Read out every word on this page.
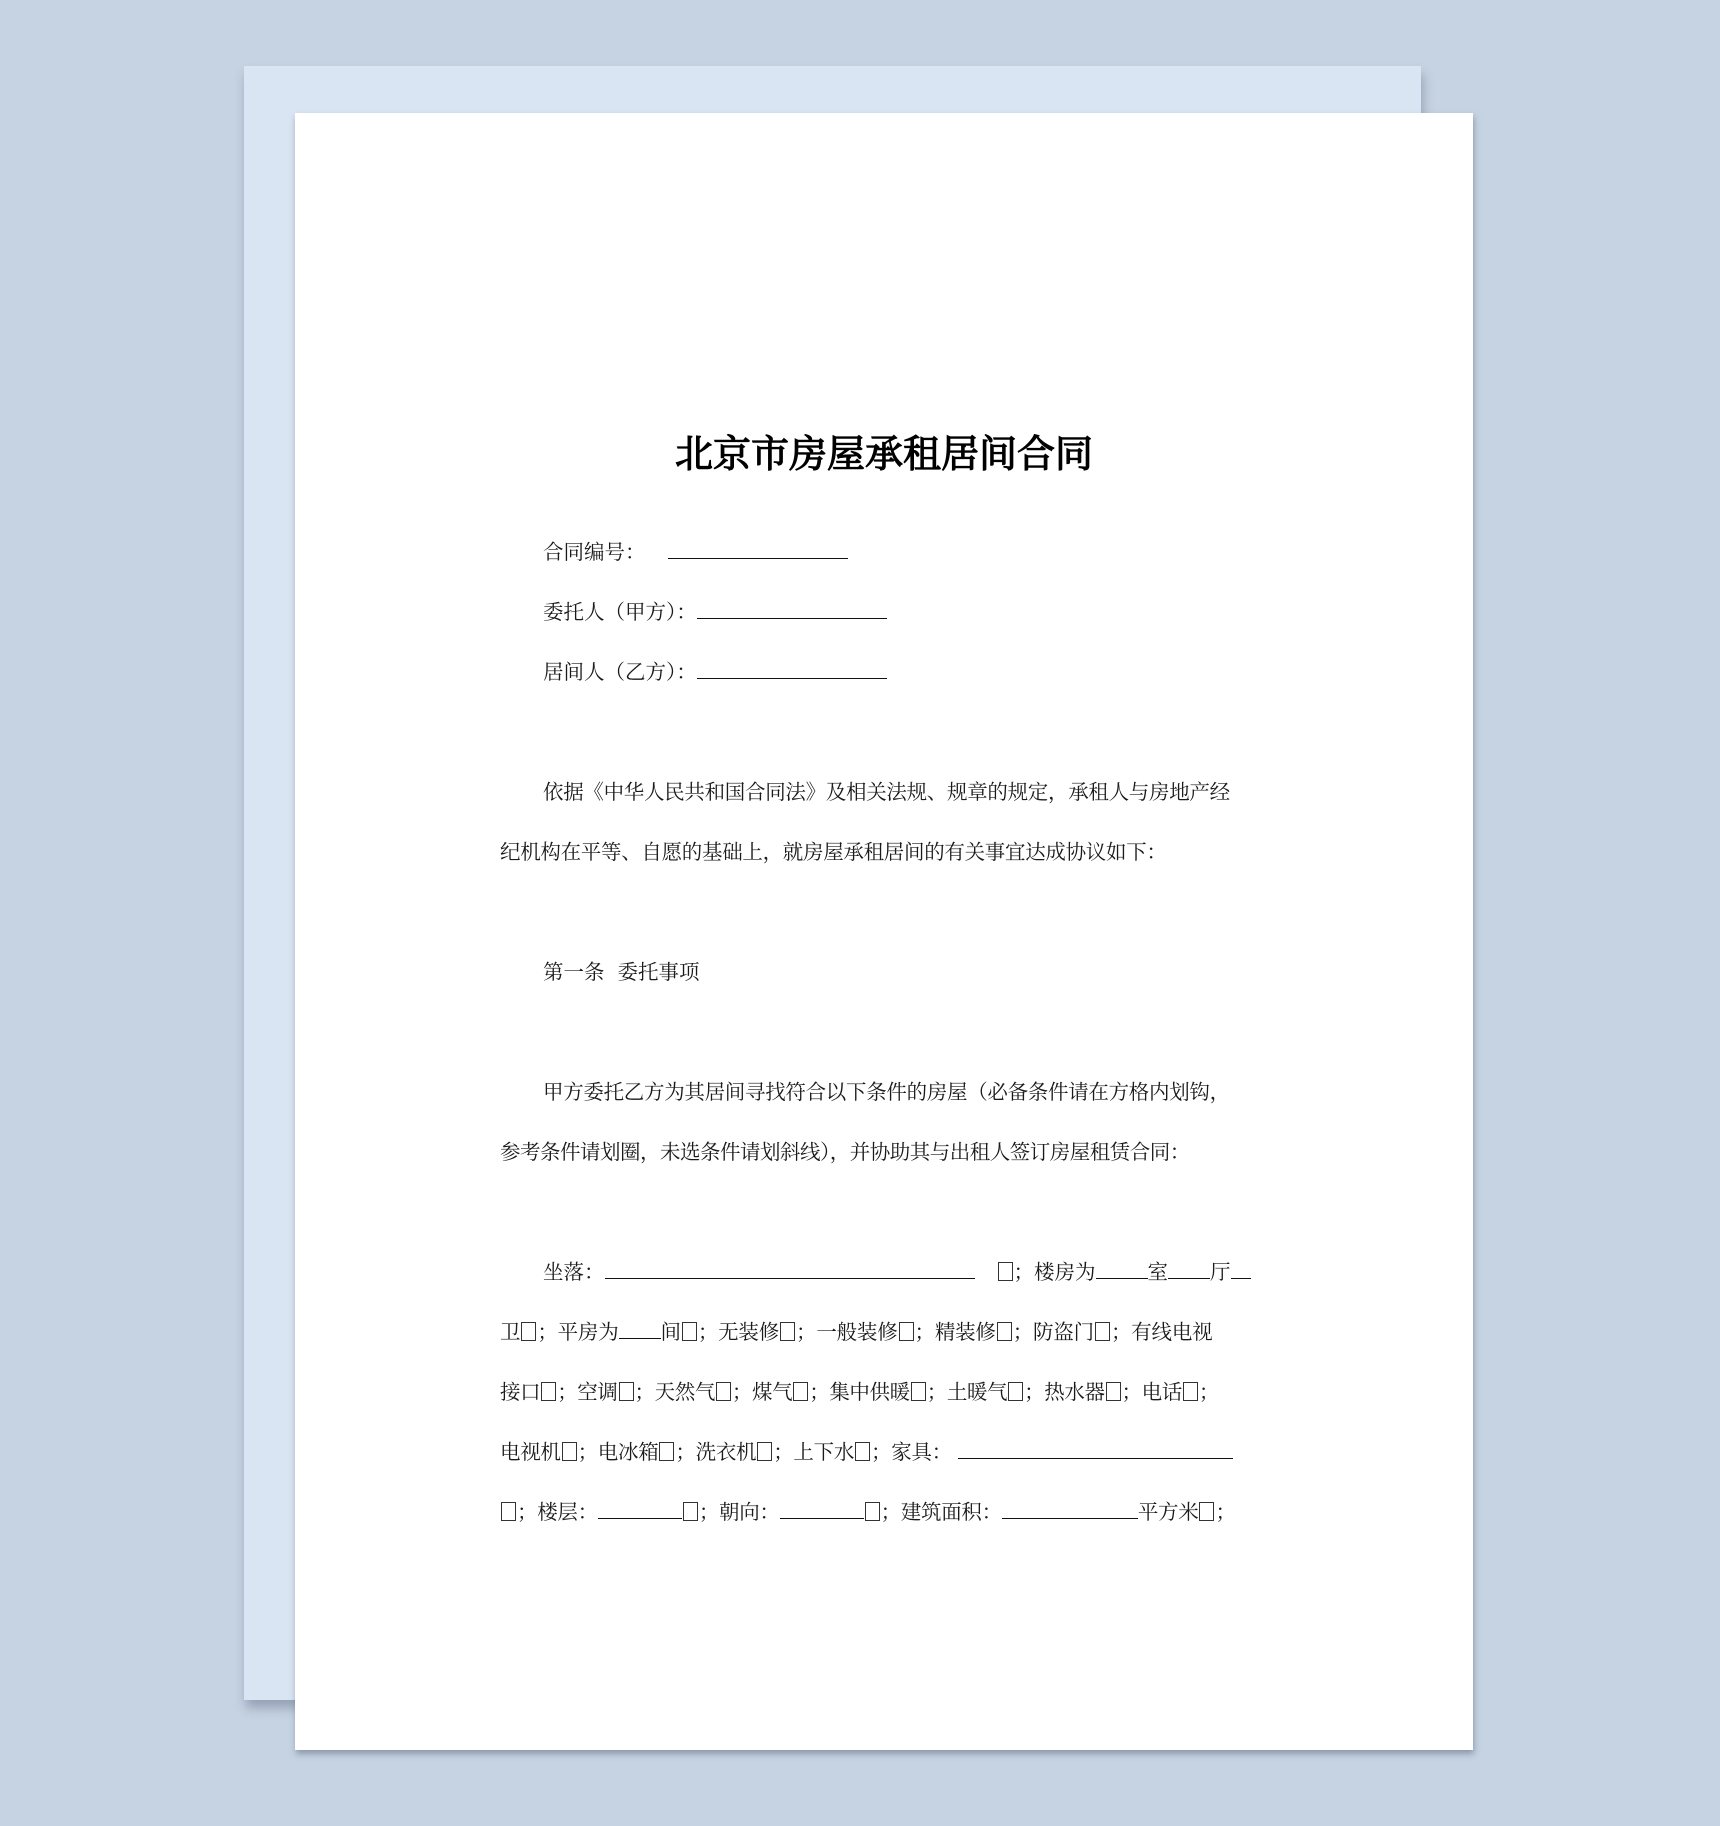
北京市房屋承租居间合同
合同编号：
委托人（甲方）：
居间人（乙方）：
依据《中华人民共和国合同法》及相关法规、规章的规定，承租人与房地产经
纪机构在平等、自愿的基础上，就房屋承租居间的有关事宜达成协议如下：
第一条  委托事项
甲方委托乙方为其居间寻找符合以下条件的房屋（必备条件请在方格内划钩，
参考条件请划圈，未选条件请划斜线），并协助其与出租人签订房屋租赁合同：
坐落：	；楼房为	室 厅
卫 ；平房为 间 ；无装修 ；一般装修 ；精装修 ；防盗门 ；有线电视
接口 ；空调 ；天然气 ；煤气 ；集中供暖 ；土暖气 ；热水器 ；电话 ；
电视机 ；电冰箱 ；洗衣机 ；上下水 ；家具：
；楼层：	；朝向：	；建筑面积：	平方米 ；
